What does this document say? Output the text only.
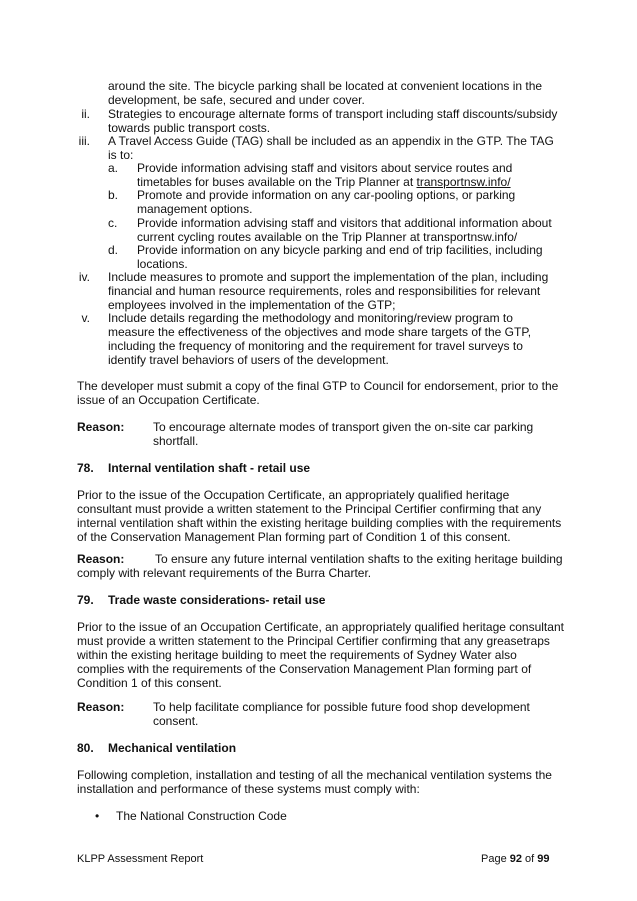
around the site. The bicycle parking shall be located at convenient locations in the development, be safe, secured and under cover.
ii. Strategies to encourage alternate forms of transport including staff discounts/subsidy towards public transport costs.
iii. A Travel Access Guide (TAG) shall be included as an appendix in the GTP. The TAG is to:
a. Provide information advising staff and visitors about service routes and timetables for buses available on the Trip Planner at transportnsw.info/
b. Promote and provide information on any car-pooling options, or parking management options.
c. Provide information advising staff and visitors that additional information about current cycling routes available on the Trip Planner at transportnsw.info/
d. Provide information on any bicycle parking and end of trip facilities, including locations.
iv. Include measures to promote and support the implementation of the plan, including financial and human resource requirements, roles and responsibilities for relevant employees involved in the implementation of the GTP;
v. Include details regarding the methodology and monitoring/review program to measure the effectiveness of the objectives and mode share targets of the GTP, including the frequency of monitoring and the requirement for travel surveys to identify travel behaviors of users of the development.
The developer must submit a copy of the final GTP to Council for endorsement, prior to the issue of an Occupation Certificate.
Reason: To encourage alternate modes of transport given the on-site car parking shortfall.
78. Internal ventilation shaft - retail use
Prior to the issue of the Occupation Certificate, an appropriately qualified heritage consultant must provide a written statement to the Principal Certifier confirming that any internal ventilation shaft within the existing heritage building complies with the requirements of the Conservation Management Plan forming part of Condition 1 of this consent.
Reason:	To ensure any future internal ventilation shafts to the exiting heritage building comply with relevant requirements of the Burra Charter.
79. Trade waste considerations- retail use
Prior to the issue of an Occupation Certificate, an appropriately qualified heritage consultant must provide a written statement to the Principal Certifier confirming that any greasetraps within the existing heritage building to meet the requirements of Sydney Water also complies with the requirements of the Conservation Management Plan forming part of Condition 1 of this consent.
Reason: To help facilitate compliance for possible future food shop development consent.
80. Mechanical ventilation
Following completion, installation and testing of all the mechanical ventilation systems the installation and performance of these systems must comply with:
• The National Construction Code
KLPP Assessment Report	Page 92 of 99
